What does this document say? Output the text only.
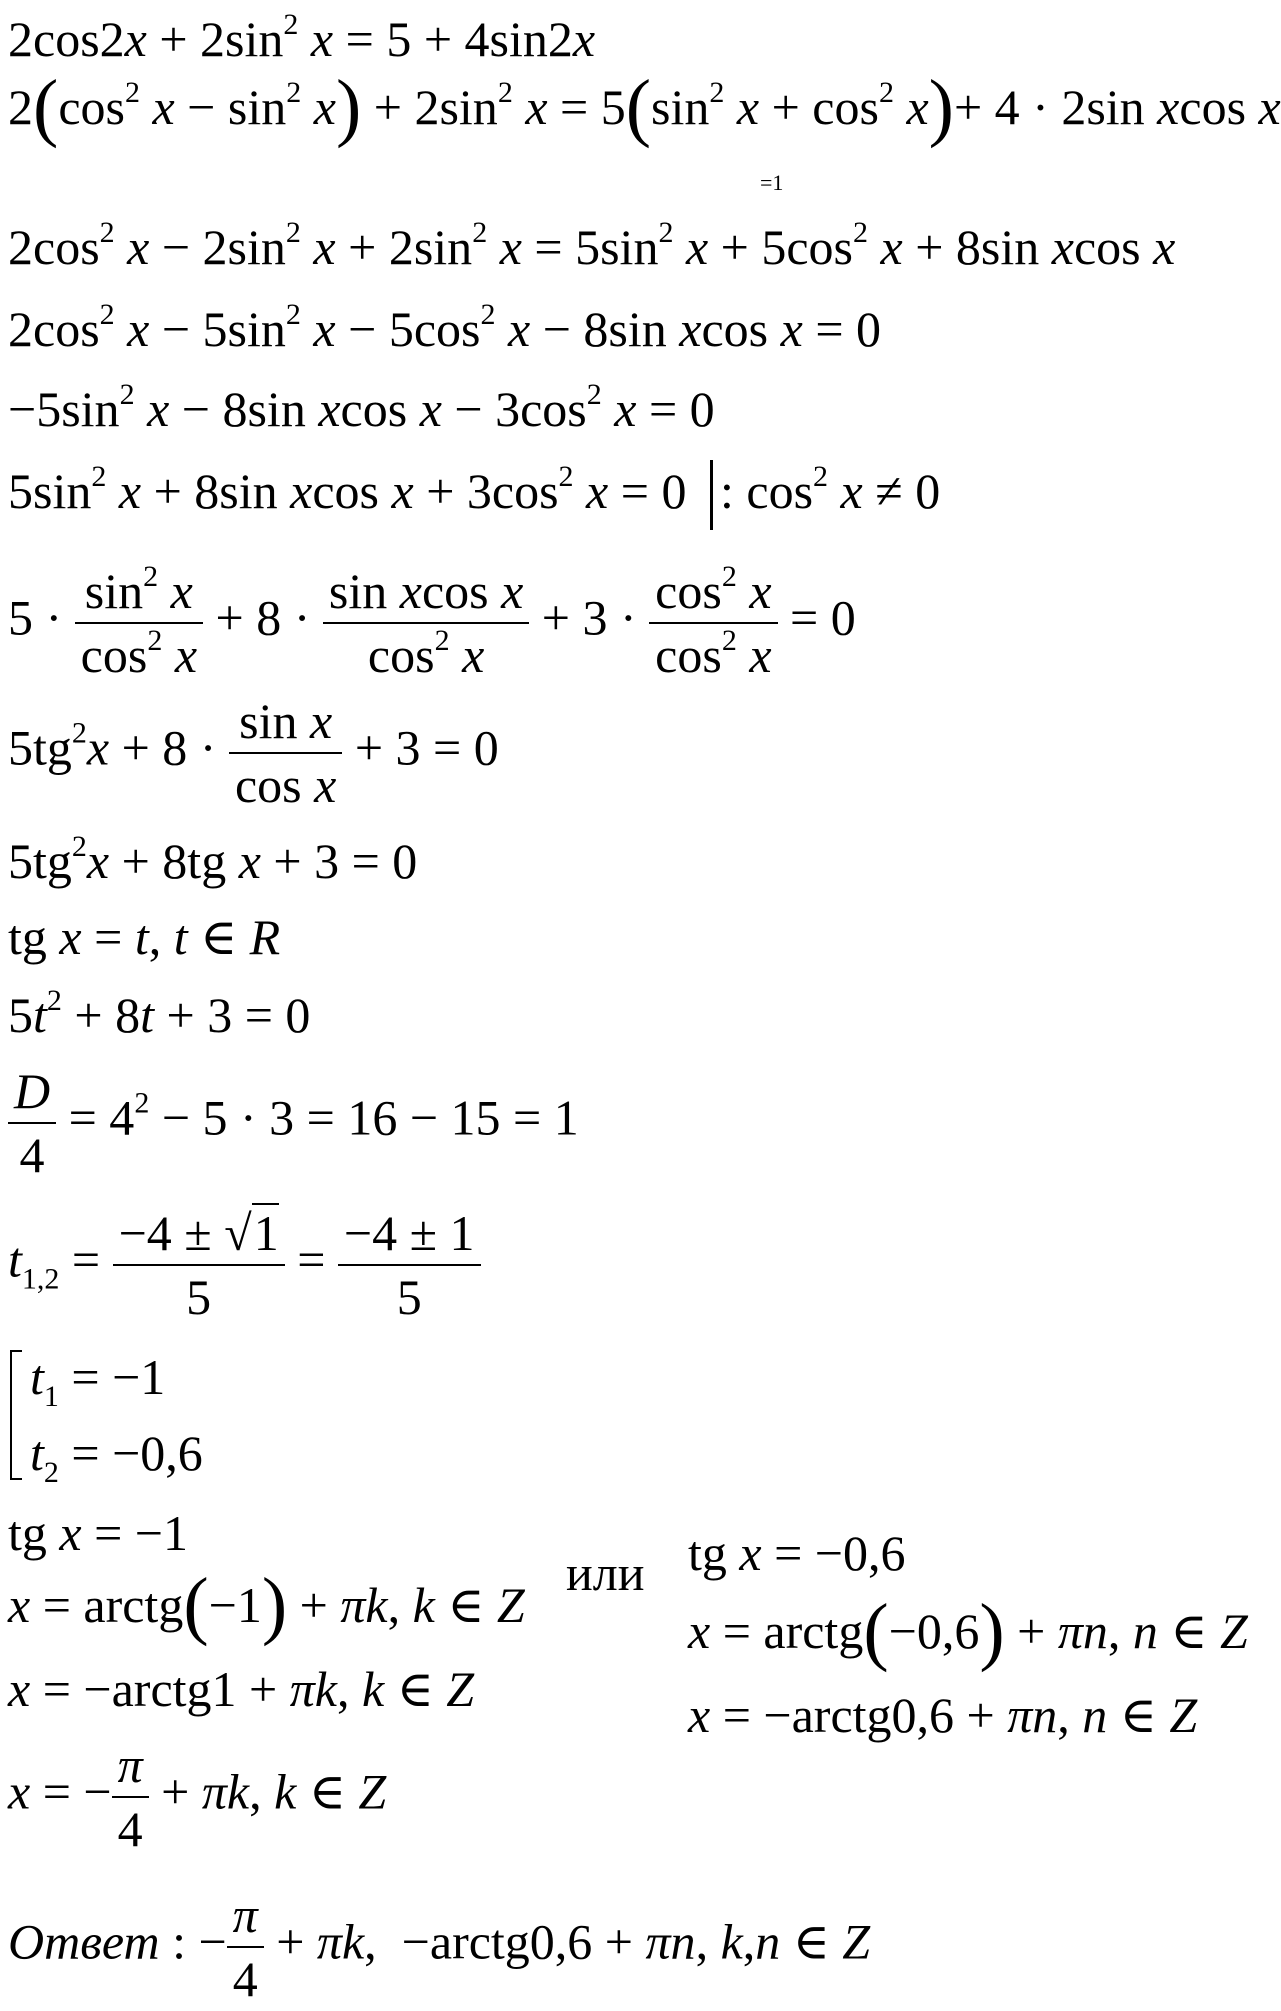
$2\cos 2x + 2\sin^2$ x = 5 + 4sin2x
$2(\cos^2$ $x - \sin^2 x) + 2\sin^2$ $x = 5(\sin^2$ $x + \cos^2 x)+ 4 \cdot 2\sin$ xcos x
=1
$2\cos^2$ $x - 2\sin^2$ $x + 2\sin^2$ $x = 5\sin^2$ $x + 5\cos^2$ x + 8sin xcos x
$2\cos^2$ $x - 5\sin^2$ $x - 5\cos^2$ x − 8sin xcos x = 0
$-5\sin^2$ x − 8sin xcos $x - 3\cos^2$ x = 0
$5\sin^2$ x + 8sin xcos $x + 3\cos^2$ x = 0 : $\cos^2 x \ne 0$
$5 \cdot \frac{\sin^2 x}{\cos^2 x} + 8 \cdot \frac{\text{sin xcos x}}{\cos^2 x} + 3 \cdot \frac{\cos^2 x}{\cos^2 x} = 0$
$5tg^2x + 8 \cdot \frac{\text{sin x}}{\text{cos x}} + 3 = 0$
$5tg^2x + 8tg$ x + 3 = 0
tg x = t, t ∈ R
$5t^2 + 8t + 3 = 0$
$\frac{D}{4} = 4^2 - 5 \cdot 3 = 16 - 15 = 1$
$t_{1,2} = \frac{-4 \pm √1}{5} = \frac{-4 \pm 1}{5}$
$t_1 = -1$
$t_2 = -0,6$
tg x = −1
или
x = arctg(−1) + πk, k ∈ Z
x = −arctg1 + πk, k ∈ Z
x = − $\frac{\pi}{4} + \pi k$, k ∈ Z
tg x = −0,6
x = arctg(−0,6) + πn, n ∈ Z
x = −arctg0,6 + πn, n ∈ Z
Ответ : − $\frac{\pi}{4} + \pi k$,  −arctg0,6 + πn, k,n ∈ Z
